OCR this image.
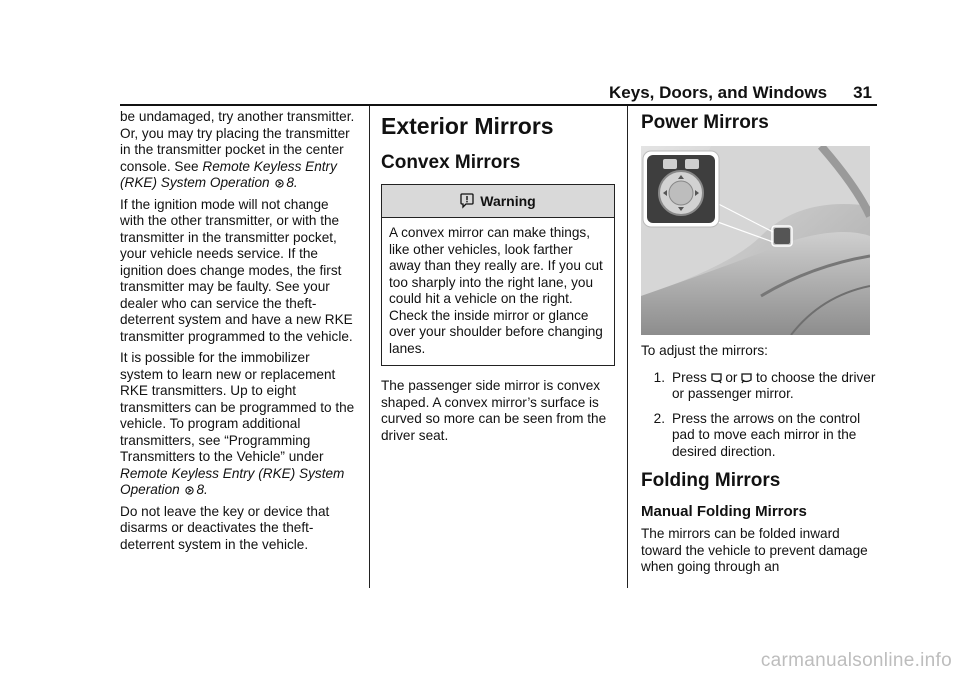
Keys, Doors, and Windows 31

be undamaged, try another transmitter. Or, you may try placing the transmitter in the transmitter pocket in the center console. See Remote Keyless Entry (RKE) System Operation 8.

If the ignition mode will not change with the other transmitter, or with the transmitter in the transmitter pocket, your vehicle needs service. If the ignition does change modes, the first transmitter may be faulty. See your dealer who can service the theft-deterrent system and have a new RKE transmitter programmed to the vehicle.

It is possible for the immobilizer system to learn new or replacement RKE transmitters. Up to eight transmitters can be programmed to the vehicle. To program additional transmitters, see “Programming Transmitters to the Vehicle” under Remote Keyless Entry (RKE) System Operation 8.

Do not leave the key or device that disarms or deactivates the theft-deterrent system in the vehicle.

Exterior Mirrors
Convex Mirrors
Warning
A convex mirror can make things, like other vehicles, look farther away than they really are. If you cut too sharply into the right lane, you could hit a vehicle on the right. Check the inside mirror or glance over your shoulder before changing lanes.

The passenger side mirror is convex shaped. A convex mirror’s surface is curved so more can be seen from the driver seat.

Power Mirrors

To adjust the mirrors:

1. Press or to choose the driver or passenger mirror.
2. Press the arrows on the control pad to move each mirror in the desired direction.
Folding Mirrors
Manual Folding Mirrors

The mirrors can be folded inward toward the vehicle to prevent damage when going through an

carmanualsonline.info
